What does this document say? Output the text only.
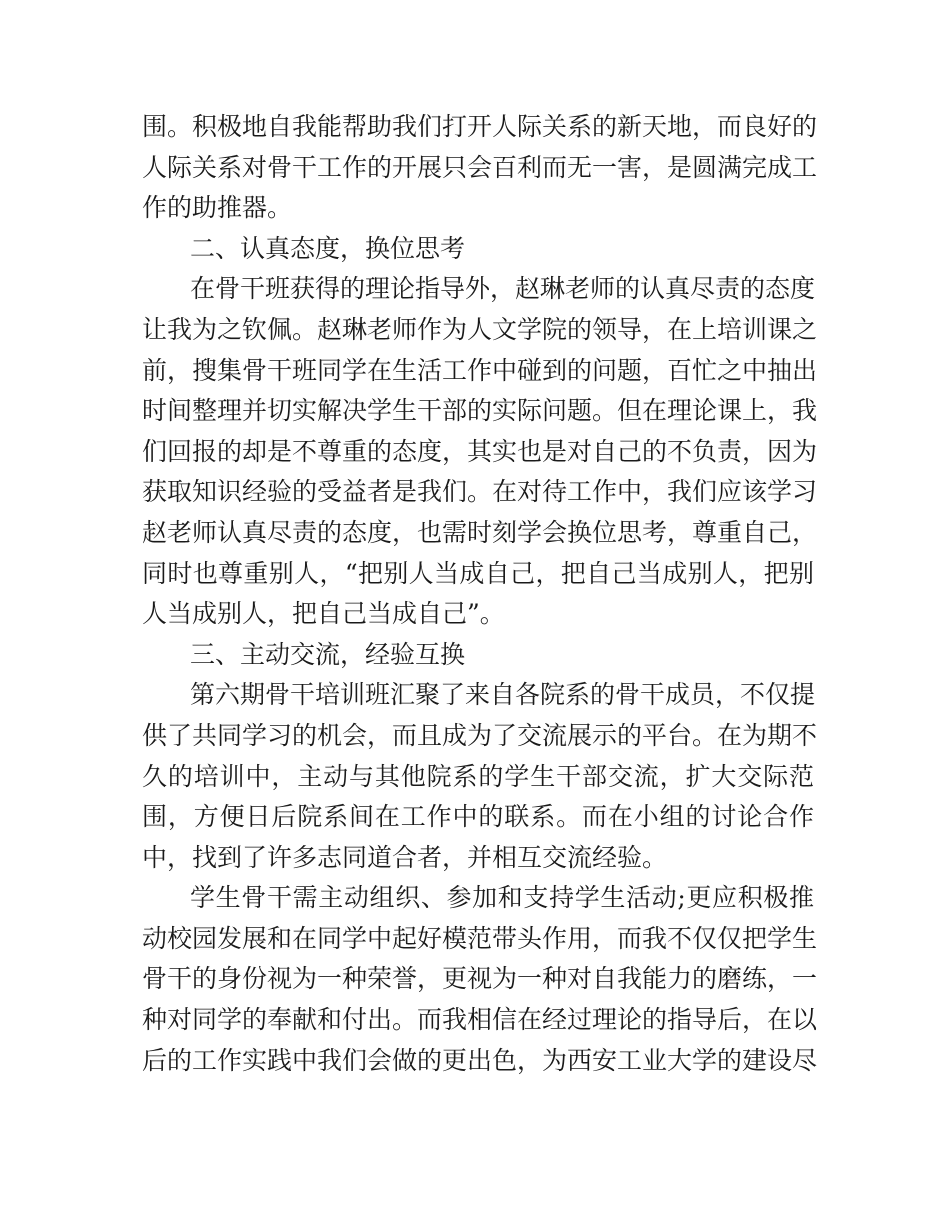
围。积极地自我能帮助我们打开人际关系的新天地，而良好的
人际关系对骨干工作的开展只会百利而无一害，是圆满完成工
作的助推器。
二、认真态度，换位思考
在骨干班获得的理论指导外，赵琳老师的认真尽责的态度
让我为之钦佩。赵琳老师作为人文学院的领导，在上培训课之
前，搜集骨干班同学在生活工作中碰到的问题，百忙之中抽出
时间整理并切实解决学生干部的实际问题。但在理论课上，我
们回报的却是不尊重的态度，其实也是对自己的不负责，因为
获取知识经验的受益者是我们。在对待工作中，我们应该学习
赵老师认真尽责的态度，也需时刻学会换位思考，尊重自己，
同时也尊重别人，“把别人当成自己，把自己当成别人，把别
人当成别人，把自己当成自己”。
三、主动交流，经验互换
第六期骨干培训班汇聚了来自各院系的骨干成员，不仅提
供了共同学习的机会，而且成为了交流展示的平台。在为期不
久的培训中，主动与其他院系的学生干部交流，扩大交际范
围，方便日后院系间在工作中的联系。而在小组的讨论合作
中，找到了许多志同道合者，并相互交流经验。
学生骨干需主动组织、参加和支持学生活动;更应积极推
动校园发展和在同学中起好模范带头作用，而我不仅仅把学生
骨干的身份视为一种荣誉，更视为一种对自我能力的磨练，一
种对同学的奉献和付出。而我相信在经过理论的指导后，在以
后的工作实践中我们会做的更出色，为西安工业大学的建设尽
